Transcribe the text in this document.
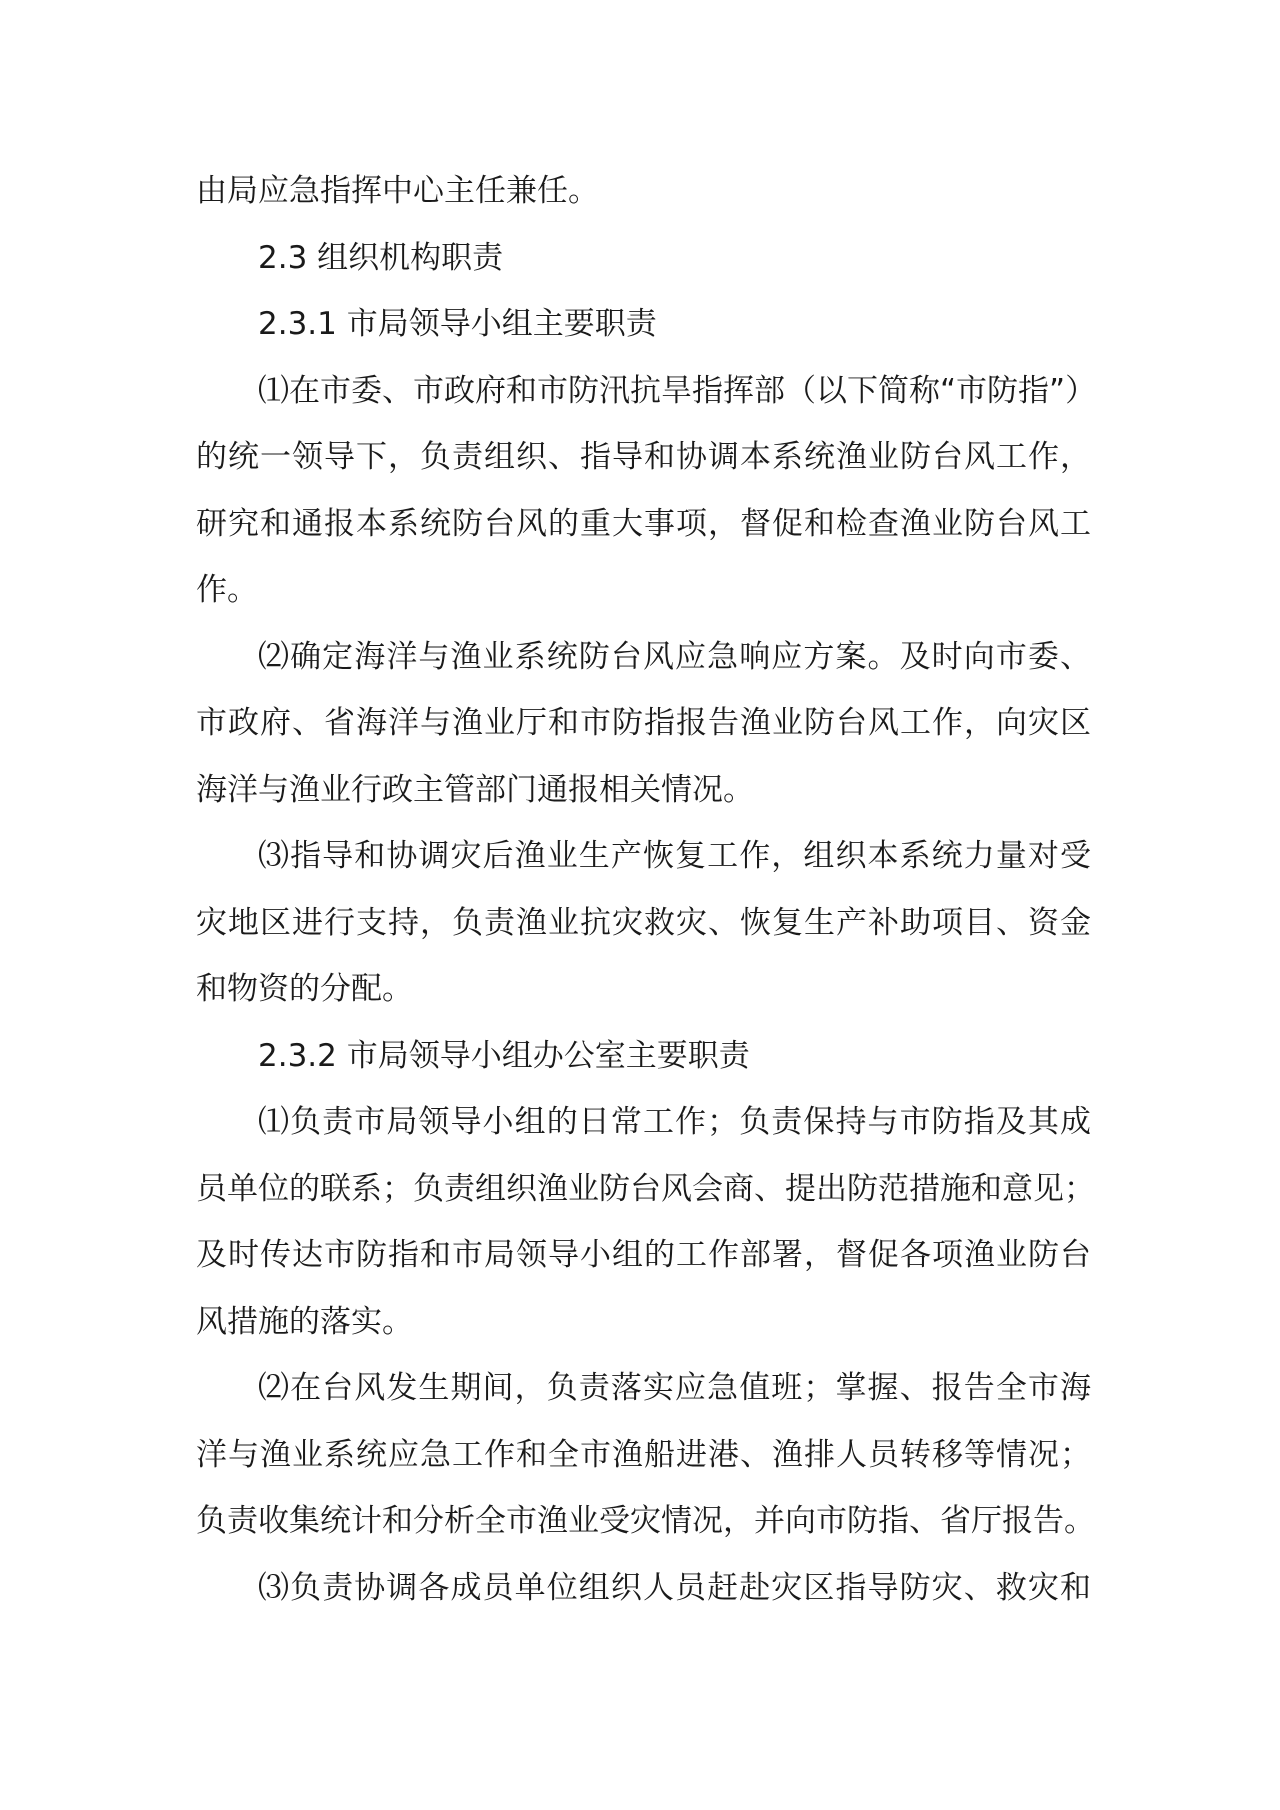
由局应急指挥中心主任兼任。
2.3 组织机构职责
2.3.1 市局领导小组主要职责
⑴在市委、市政府和市防汛抗旱指挥部（以下简称“市防指”）
的统一领导下，负责组织、指导和协调本系统渔业防台风工作，
研究和通报本系统防台风的重大事项，督促和检查渔业防台风工
作。
⑵确定海洋与渔业系统防台风应急响应方案。及时向市委、
市政府、省海洋与渔业厅和市防指报告渔业防台风工作，向灾区
海洋与渔业行政主管部门通报相关情况。
⑶指导和协调灾后渔业生产恢复工作，组织本系统力量对受
灾地区进行支持，负责渔业抗灾救灾、恢复生产补助项目、资金
和物资的分配。
2.3.2 市局领导小组办公室主要职责
⑴负责市局领导小组的日常工作；负责保持与市防指及其成
员单位的联系；负责组织渔业防台风会商、提出防范措施和意见；
及时传达市防指和市局领导小组的工作部署，督促各项渔业防台
风措施的落实。
⑵在台风发生期间，负责落实应急值班；掌握、报告全市海
洋与渔业系统应急工作和全市渔船进港、渔排人员转移等情况；
负责收集统计和分析全市渔业受灾情况，并向市防指、省厅报告。
⑶负责协调各成员单位组织人员赶赴灾区指导防灾、救灾和
